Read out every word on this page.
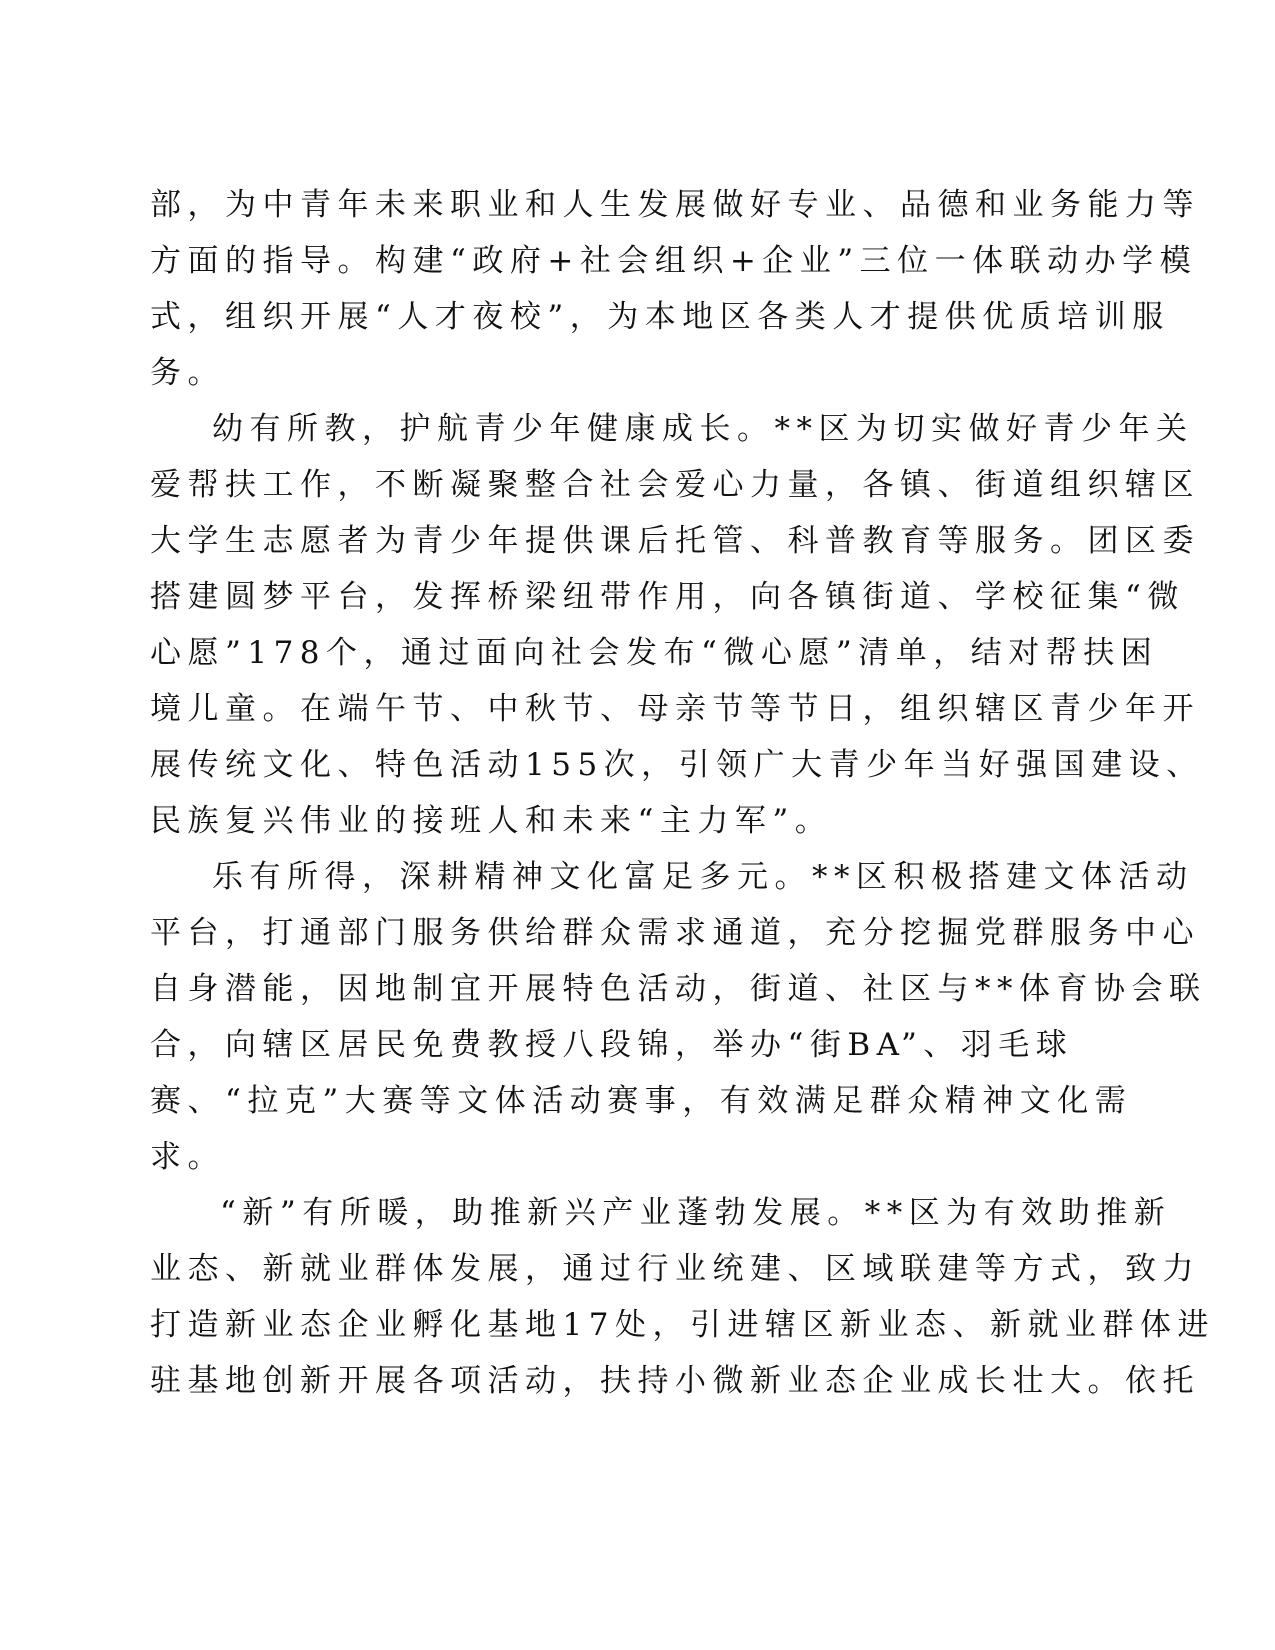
部，为中青年未来职业和人生发展做好专业、品德和业务能力等
方面的指导。构建“政府+社会组织+企业”三位一体联动办学模
式，组织开展“人才夜校”，为本地区各类人才提供优质培训服
务。
幼有所教，护航青少年健康成长。**区为切实做好青少年关
爱帮扶工作，不断凝聚整合社会爱心力量，各镇、街道组织辖区
大学生志愿者为青少年提供课后托管、科普教育等服务。团区委
搭建圆梦平台，发挥桥梁纽带作用，向各镇街道、学校征集“微
心愿”178个，通过面向社会发布“微心愿”清单，结对帮扶困
境儿童。在端午节、中秋节、母亲节等节日，组织辖区青少年开
展传统文化、特色活动155次，引领广大青少年当好强国建设、
民族复兴伟业的接班人和未来“主力军”。
乐有所得，深耕精神文化富足多元。**区积极搭建文体活动
平台，打通部门服务供给群众需求通道，充分挖掘党群服务中心
自身潜能，因地制宜开展特色活动，街道、社区与**体育协会联
合，向辖区居民免费教授八段锦，举办“街BA”、羽毛球
赛、“拉克”大赛等文体活动赛事，有效满足群众精神文化需
求。
“新”有所暖，助推新兴产业蓬勃发展。**区为有效助推新
业态、新就业群体发展，通过行业统建、区域联建等方式，致力
打造新业态企业孵化基地17处，引进辖区新业态、新就业群体进
驻基地创新开展各项活动，扶持小微新业态企业成长壮大。依托
